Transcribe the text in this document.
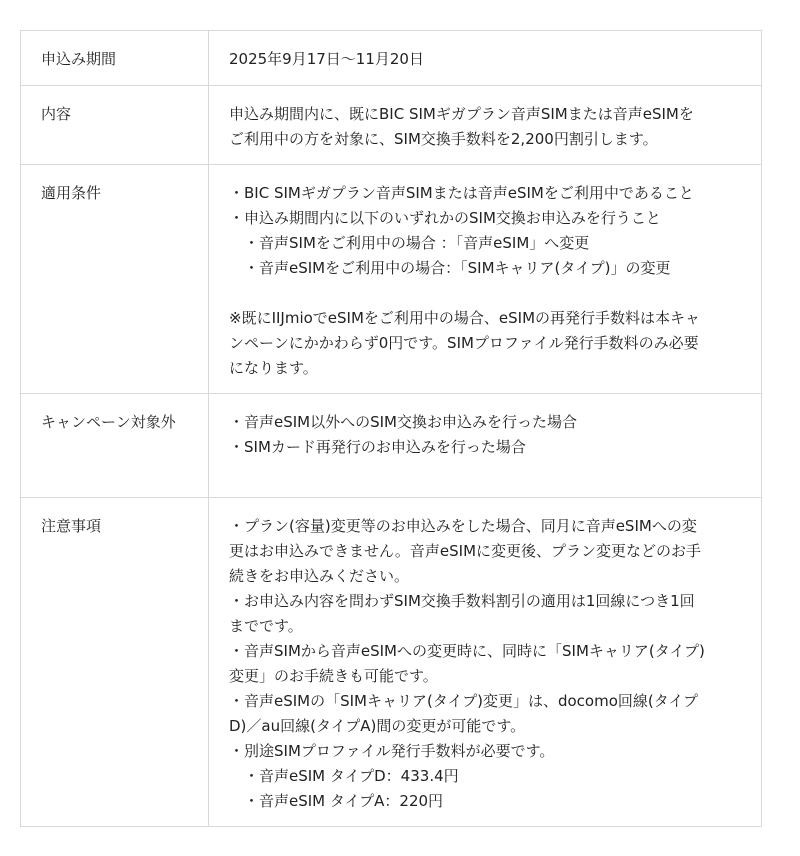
申込み期間	2025年9月17日〜11月20日
内容	申込み期間内に、既にBIC SIMギガプラン音声SIMまたは音声eSIMを
ご利用中の方を対象に、SIM交換手数料を2,200円割引します。
適用条件	・BIC SIMギガプラン音声SIMまたは音声eSIMをご利用中であること
・申込み期間内に以下のいずれかのSIM交換お申込みを行うこと
　・音声SIMをご利用中の場合 ：「音声eSIM」へ変更
　・音声eSIMをご利用中の場合：「SIMキャリア(タイプ)」の変更
※既にIIJmioでeSIMをご利用中の場合、eSIMの再発行手数料は本キャ
ンペーンにかかわらず0円です。SIMプロファイル発行手数料のみ必要
になります。
キャンペーン対象外	・音声eSIM以外へのSIM交換お申込みを行った場合
・SIMカード再発行のお申込みを行った場合
注意事項	・プラン(容量)変更等のお申込みをした場合、同月に音声eSIMへの変
更はお申込みできません。音声eSIMに変更後、プラン変更などのお手
続きをお申込みください。
・お申込み内容を問わずSIM交換手数料割引の適用は1回線につき1回
までです。
・音声SIMから音声eSIMへの変更時に、同時に「SIMキャリア(タイプ)
変更」のお手続きも可能です。
・音声eSIMの「SIMキャリア(タイプ)変更」は、docomo回線(タイプ
D)／au回線(タイプA)間の変更が可能です。
・別途SIMプロファイル発行手数料が必要です。
　・音声eSIM タイプD：433.4円
　・音声eSIM タイプA：220円
